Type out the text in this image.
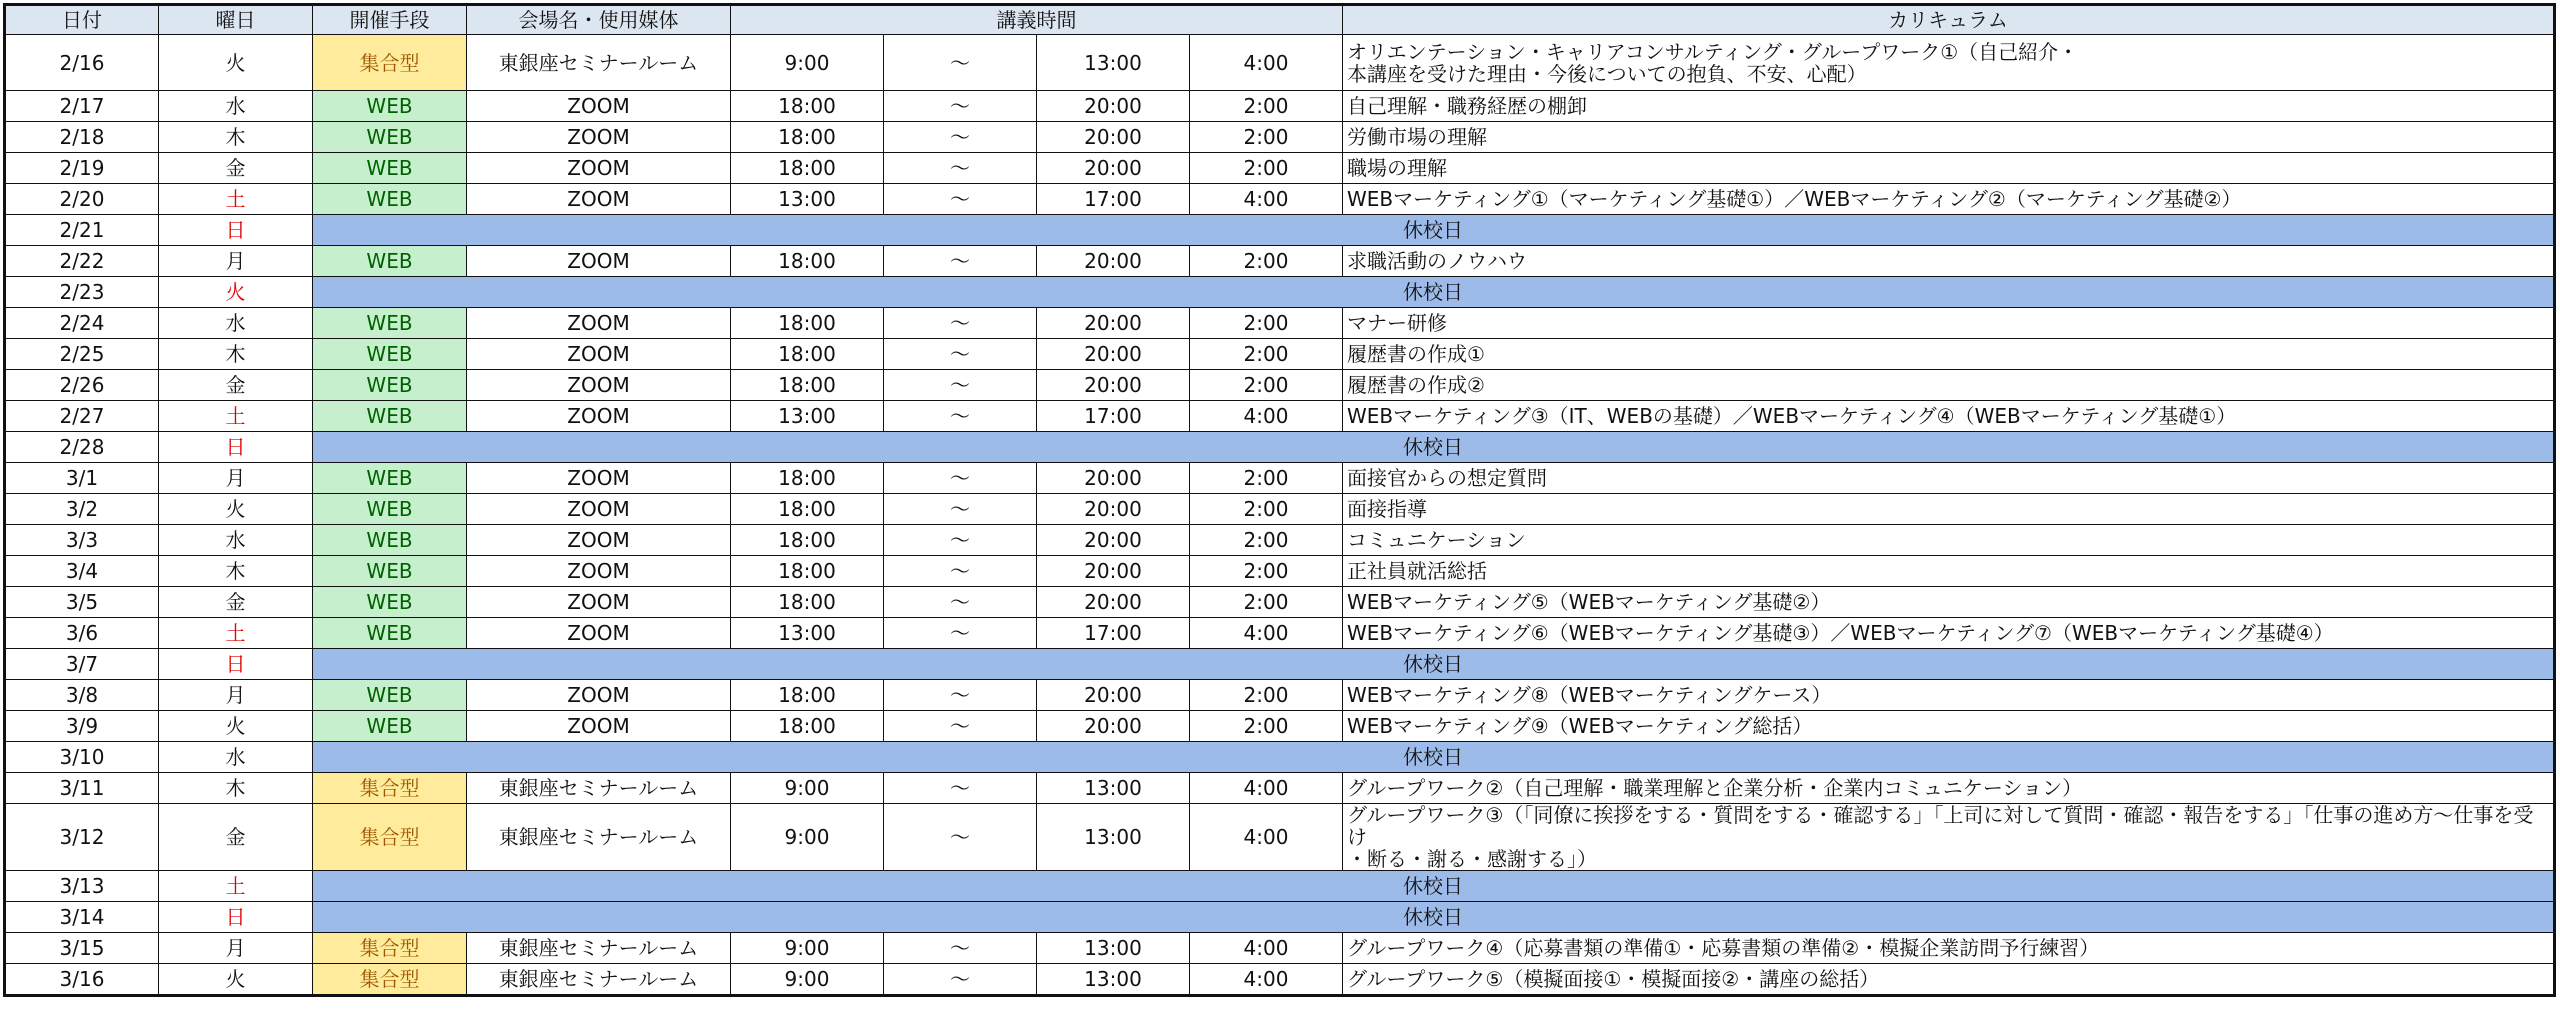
日付	曜日	開催手段	会場名・使用媒体	講義時間				カリキュラム
2/16	火	集合型	東銀座セミナールーム	9:00	～	13:00	4:00	オリエンテーション・キャリアコンサルティング・グループワーク①（自己紹介・
本講座を受けた理由・今後についての抱負、不安、心配）
2/17	水	WEB	ZOOM	18:00	～	20:00	2:00	自己理解・職務経歴の棚卸
2/18	木	WEB	ZOOM	18:00	～	20:00	2:00	労働市場の理解
2/19	金	WEB	ZOOM	18:00	～	20:00	2:00	職場の理解
2/20	土	WEB	ZOOM	13:00	～	17:00	4:00	WEBマーケティング①（マーケティング基礎①）／WEBマーケティング②（マーケティング基礎②）
2/21	日	休校日						
2/22	月	WEB	ZOOM	18:00	～	20:00	2:00	求職活動のノウハウ
2/23	火	休校日						
2/24	水	WEB	ZOOM	18:00	～	20:00	2:00	マナー研修
2/25	木	WEB	ZOOM	18:00	～	20:00	2:00	履歴書の作成①
2/26	金	WEB	ZOOM	18:00	～	20:00	2:00	履歴書の作成②
2/27	土	WEB	ZOOM	13:00	～	17:00	4:00	WEBマーケティング③（IT、WEBの基礎）／WEBマーケティング④（WEBマーケティング基礎①）
2/28	日	休校日						
3/1	月	WEB	ZOOM	18:00	～	20:00	2:00	面接官からの想定質問
3/2	火	WEB	ZOOM	18:00	～	20:00	2:00	面接指導
3/3	水	WEB	ZOOM	18:00	～	20:00	2:00	コミュニケーション
3/4	木	WEB	ZOOM	18:00	～	20:00	2:00	正社員就活総括
3/5	金	WEB	ZOOM	18:00	～	20:00	2:00	WEBマーケティング⑤（WEBマーケティング基礎②）
3/6	土	WEB	ZOOM	13:00	～	17:00	4:00	WEBマーケティング⑥（WEBマーケティング基礎③）／WEBマーケティング⑦（WEBマーケティング基礎④）
3/7	日	休校日						
3/8	月	WEB	ZOOM	18:00	～	20:00	2:00	WEBマーケティング⑧（WEBマーケティングケース）
3/9	火	WEB	ZOOM	18:00	～	20:00	2:00	WEBマーケティング⑨（WEBマーケティング総括）
3/10	水	休校日						
3/11	木	集合型	東銀座セミナールーム	9:00	～	13:00	4:00	グループワーク②（自己理解・職業理解と企業分析・企業内コミュニケーション）
3/12	金	集合型	東銀座セミナールーム	9:00	～	13:00	4:00	グループワーク③（「同僚に挨拶をする・質問をする・確認する」「上司に対して質問・確認・報告をする」「仕事の進め方～仕事を受け
・断る・謝る・感謝する」）
3/13	土	休校日						
3/14	日	休校日						
3/15	月	集合型	東銀座セミナールーム	9:00	～	13:00	4:00	グループワーク④（応募書類の準備①・応募書類の準備②・模擬企業訪問予行練習）
3/16	火	集合型	東銀座セミナールーム	9:00	～	13:00	4:00	グループワーク⑤（模擬面接①・模擬面接②・講座の総括）
